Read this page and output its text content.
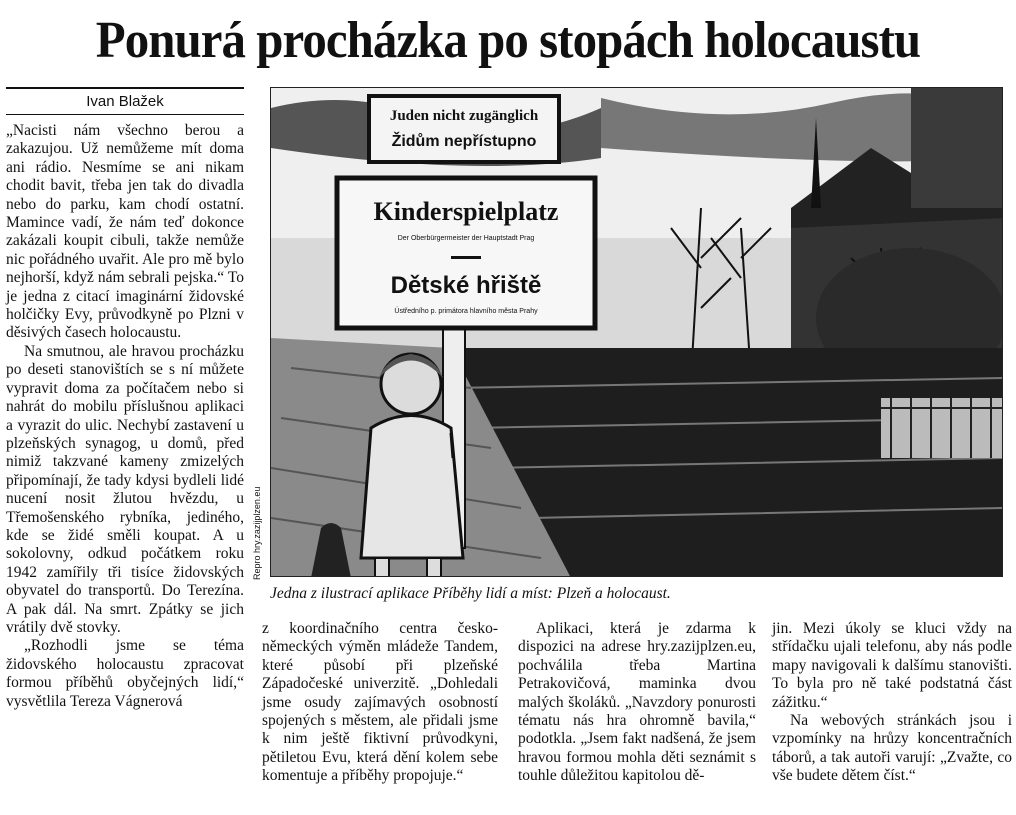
Ponurá procházka po stopách holocaustu
Ivan Blažek

„Nacisti nám všechno berou a zakazujou. Už nemůžeme mít doma ani rádio. Nesmíme se ani nikam chodit bavit, třeba jen tak do divadla nebo do parku, kam chodí ostatní. Mamince vadí, že nám teď dokonce zakázali koupit cibuli, takže nemůže nic pořádného uvařit. Ale pro mě bylo nejhorší, když nám sebrali pejska.“ To je jedna z citací imaginární židovské holčičky Evy, průvodkyně po Plzni v děsivých časech holocaustu.

Na smutnou, ale hravou procházku po deseti stanovištích se s ní můžete vypravit doma za počítačem nebo si nahrát do mobilu příslušnou aplikaci a vyrazit do ulic. Nechybí zastavení u plzeňských synagog, u domů, před nimiž takzvané kameny zmizelých připomínají, že tady kdysi bydleli lidé nucení nosit žlutou hvězdu, u Třemošenského rybníka, jediného, kde se židé směli koupat. A u sokolovny, odkud počátkem roku 1942 zamířily tři tisíce židovských obyvatel do transportů. Do Terezína. A pak dál. Na smrt. Zpátky se jich vrátily dvě stovky.

„Rozhodli jsme se téma židovského holocaustu zpracovat formou příběhů obyčejných lidí,“ vysvětlila Tereza Vágnerová

Juden nicht zugänglich
Židům nepřístupno
Kinderspielplatz
Der Oberbürgermeister der Hauptstadt Prag
Dětské hřiště
Ústředního p. primátora hlavního města Prahy
Repro hry.zazijplzen.eu
Jedna z ilustrací aplikace Příběhy lidí a míst: Plzeň a holocaust.

z koordinačního centra česko-německých výměn mládeže Tandem, které působí při plzeňské Západočeské univerzitě. „Dohledali jsme osudy zajímavých osobností spojených s městem, ale přidali jsme k nim ještě fiktivní průvodkyni, pětiletou Evu, která dění kolem sebe komentuje a příběhy propojuje.“

Aplikaci, která je zdarma k dispozici na adrese hry.zazijplzen.eu, pochválila třeba Martina Petrakovičová, maminka dvou malých školáků. „Navzdory ponurosti tématu nás hra ohromně bavila,“ podotkla. „Jsem fakt nadšená, že jsem hravou formou mohla děti seznámit s touhle důležitou kapitolou dě-

jin. Mezi úkoly se kluci vždy na střídačku ujali telefonu, aby nás podle mapy navigovali k dalšímu stanovišti. To byla pro ně také podstatná část zážitku.“

Na webových stránkách jsou i vzpomínky na hrůzy koncentračních táborů, a tak autoři varují: „Zvažte, co vše budete dětem číst.“
